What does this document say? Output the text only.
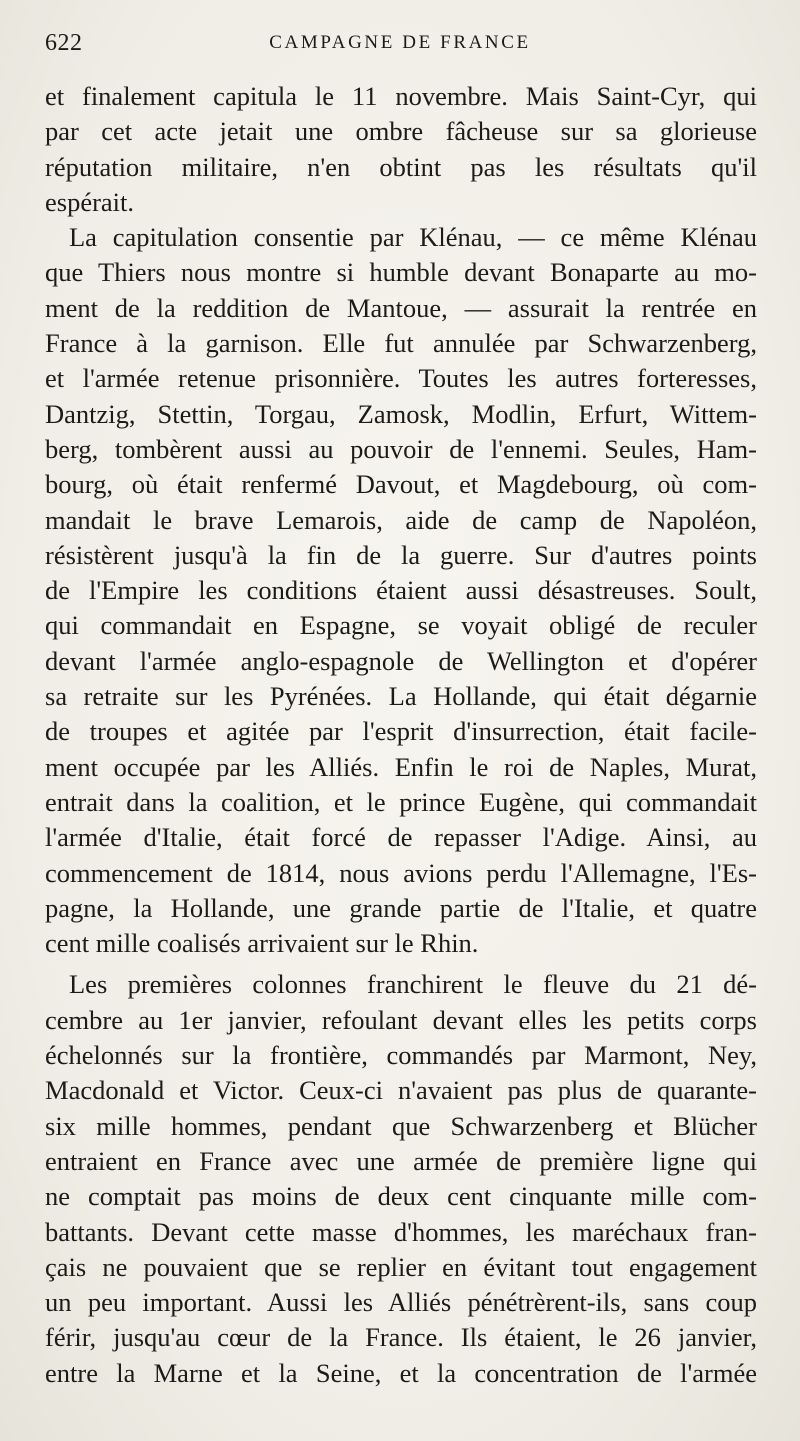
622	CAMPAGNE DE FRANCE
et finalement capitula le 11 novembre. Mais Saint-Cyr, qui
par cet acte jetait une ombre fâcheuse sur sa glorieuse
réputation militaire, n'en obtint pas les résultats qu'il
espérait.
La capitulation consentie par Klénau, — ce même Klénau
que Thiers nous montre si humble devant Bonaparte au mo-
ment de la reddition de Mantoue, — assurait la rentrée en
France à la garnison. Elle fut annulée par Schwarzenberg,
et l'armée retenue prisonnière. Toutes les autres forteresses,
Dantzig, Stettin, Torgau, Zamosk, Modlin, Erfurt, Wittem-
berg, tombèrent aussi au pouvoir de l'ennemi. Seules, Ham-
bourg, où était renfermé Davout, et Magdebourg, où com-
mandait le brave Lemarois, aide de camp de Napoléon,
résistèrent jusqu'à la fin de la guerre. Sur d'autres points
de l'Empire les conditions étaient aussi désastreuses. Soult,
qui commandait en Espagne, se voyait obligé de reculer
devant l'armée anglo-espagnole de Wellington et d'opérer
sa retraite sur les Pyrénées. La Hollande, qui était dégarnie
de troupes et agitée par l'esprit d'insurrection, était facile-
ment occupée par les Alliés. Enfin le roi de Naples, Murat,
entrait dans la coalition, et le prince Eugène, qui commandait
l'armée d'Italie, était forcé de repasser l'Adige. Ainsi, au
commencement de 1814, nous avions perdu l'Allemagne, l'Es-
pagne, la Hollande, une grande partie de l'Italie, et quatre
cent mille coalisés arrivaient sur le Rhin.
Les premières colonnes franchirent le fleuve du 21 dé-
cembre au 1er janvier, refoulant devant elles les petits corps
échelonnés sur la frontière, commandés par Marmont, Ney,
Macdonald et Victor. Ceux-ci n'avaient pas plus de quarante-
six mille hommes, pendant que Schwarzenberg et Blücher
entraient en France avec une armée de première ligne qui
ne comptait pas moins de deux cent cinquante mille com-
battants. Devant cette masse d'hommes, les maréchaux fran-
çais ne pouvaient que se replier en évitant tout engagement
un peu important. Aussi les Alliés pénétrèrent-ils, sans coup
férir, jusqu'au cœur de la France. Ils étaient, le 26 janvier,
entre la Marne et la Seine, et la concentration de l'armée
